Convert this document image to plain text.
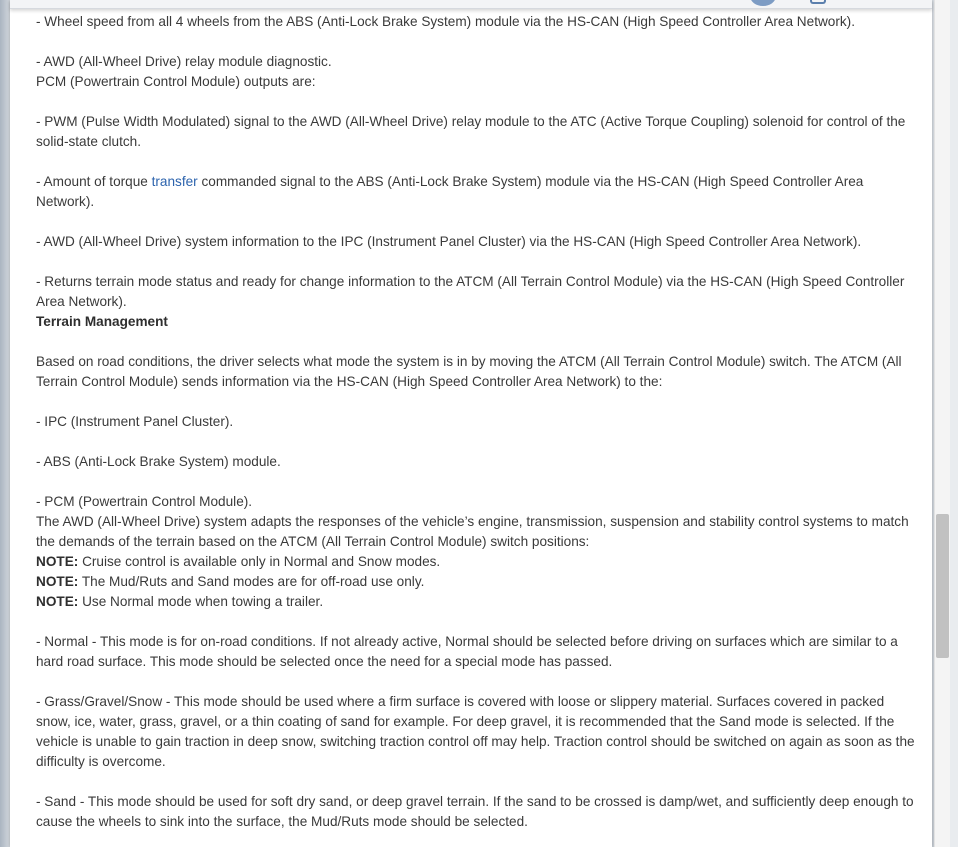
- Wheel speed from all 4 wheels from the ABS (Anti-Lock Brake System) module via the HS-CAN (High Speed Controller Area Network).

- AWD (All-Wheel Drive) relay module diagnostic.

PCM (Powertrain Control Module) outputs are:

- PWM (Pulse Width Modulated) signal to the AWD (All-Wheel Drive) relay module to the ATC (Active Torque Coupling) solenoid for control of the solid-state clutch.

- Amount of torque transfer commanded signal to the ABS (Anti-Lock Brake System) module via the HS-CAN (High Speed Controller Area Network).

- AWD (All-Wheel Drive) system information to the IPC (Instrument Panel Cluster) via the HS-CAN (High Speed Controller Area Network).

- Returns terrain mode status and ready for change information to the ATCM (All Terrain Control Module) via the HS-CAN (High Speed Controller Area Network).

Terrain Management

Based on road conditions, the driver selects what mode the system is in by moving the ATCM (All Terrain Control Module) switch. The ATCM (All Terrain Control Module) sends information via the HS-CAN (High Speed Controller Area Network) to the:

- IPC (Instrument Panel Cluster).

- ABS (Anti-Lock Brake System) module.

- PCM (Powertrain Control Module).

The AWD (All-Wheel Drive) system adapts the responses of the vehicle’s engine, transmission, suspension and stability control systems to match the demands of the terrain based on the ATCM (All Terrain Control Module) switch positions:

NOTE: Cruise control is available only in Normal and Snow modes.

NOTE: The Mud/Ruts and Sand modes are for off-road use only.

NOTE: Use Normal mode when towing a trailer.

- Normal - This mode is for on-road conditions. If not already active, Normal should be selected before driving on surfaces which are similar to a hard road surface. This mode should be selected once the need for a special mode has passed.

- Grass/Gravel/Snow - This mode should be used where a firm surface is covered with loose or slippery material. Surfaces covered in packed snow, ice, water, grass, gravel, or a thin coating of sand for example. For deep gravel, it is recommended that the Sand mode is selected. If the vehicle is unable to gain traction in deep snow, switching traction control off may help. Traction control should be switched on again as soon as the difficulty is overcome.

- Sand - This mode should be used for soft dry sand, or deep gravel terrain. If the sand to be crossed is damp/wet, and sufficiently deep enough to cause the wheels to sink into the surface, the Mud/Ruts mode should be selected.
